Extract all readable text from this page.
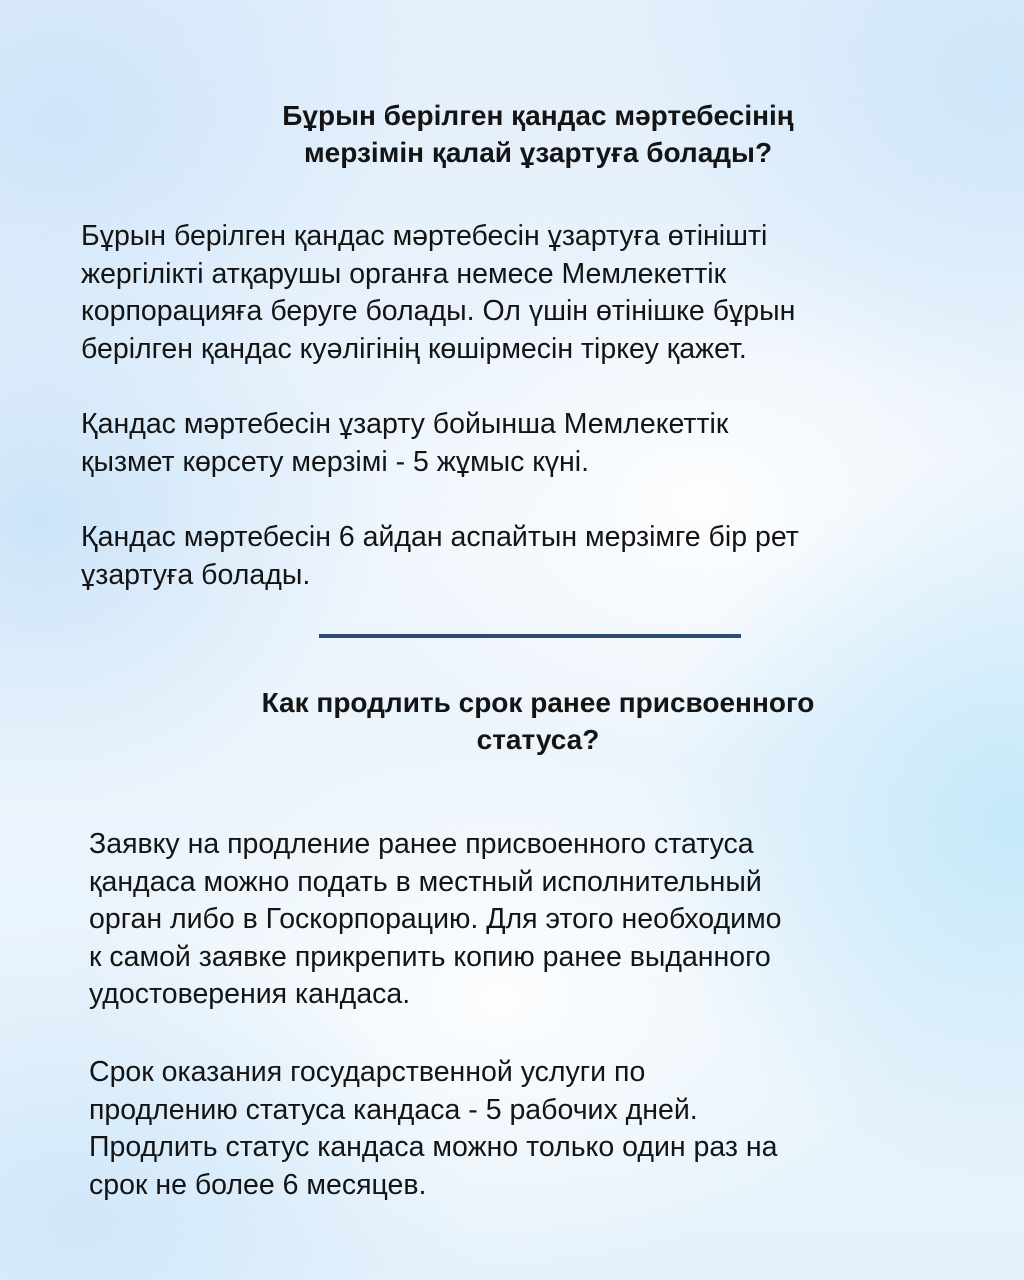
Бұрын берілген қандас мәртебесінің
мерзімін қалай ұзартуға болады?

Бұрын берілген қандас мәртебесін ұзартуға өтінішті
жергілікті атқарушы органға немесе Мемлекеттік
корпорацияға беруге болады. Ол үшін өтінішке бұрын
берілген қандас куәлігінің көшірмесін тіркеу қажет.

Қандас мәртебесін ұзарту бойынша Мемлекеттік
қызмет көрсету мерзімі - 5 жұмыс күні.

Қандас мәртебесін 6 айдан аспайтын мерзімге бір рет
ұзартуға болады.

Как продлить срок ранее присвоенного
статуса?

Заявку на продление ранее присвоенного статуса
қандаса можно подать в местный исполнительный
орган либо в Госкорпорацию. Для этого необходимо
к самой заявке прикрепить копию ранее выданного
удостоверения кандаса.

Срок оказания государственной услуги по
продлению статуса кандаса - 5 рабочих дней.
Продлить статус кандаса можно только один раз на
срок не более 6 месяцев.
